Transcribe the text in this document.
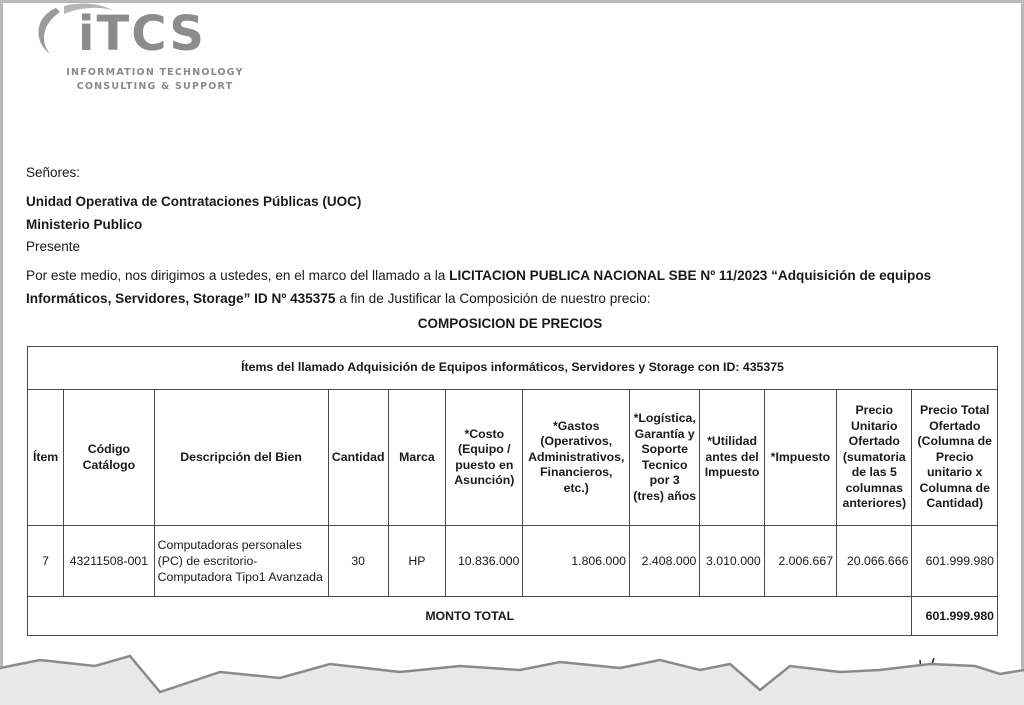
iTCS
INFORMATION TECHNOLOGY
CONSULTING & SUPPORT
Señores:
Unidad Operativa de Contrataciones Públicas (UOC)
Ministerio Publico
Presente
Por este medio, nos dirigimos a ustedes, en el marco del llamado a la LICITACION PUBLICA NACIONAL SBE Nº 11/2023 “Adquisición de equipos Informáticos, Servidores, Storage” ID Nº 435375 a fin de Justificar la Composición de nuestro precio:
COMPOSICION DE PRECIOS
Ítems del llamado Adquisición de Equipos informáticos, Servidores y Storage con ID: 435375											
Ítem	Código Catálogo	Descripción del Bien	Cantidad	Marca	*Costo (Equipo / puesto en Asunción)	*Gastos (Operativos, Administrativos, Financieros, etc.)	*Logística, Garantía y Soporte Tecnico por 3 (tres) años	*Utilidad antes del Impuesto	*Impuesto	Precio Unitario Ofertado (sumatoria de las 5 columnas anteriores)	Precio Total Ofertado (Columna de Precio unitario x Columna de Cantidad)
7	43211508-001	Computadoras personales (PC) de escritorio- Computadora Tipo1 Avanzada	30	HP	10.836.000	1.806.000	2.408.000	3.010.000	2.006.667	20.066.666	601.999.980
MONTO TOTAL											601.999.980
